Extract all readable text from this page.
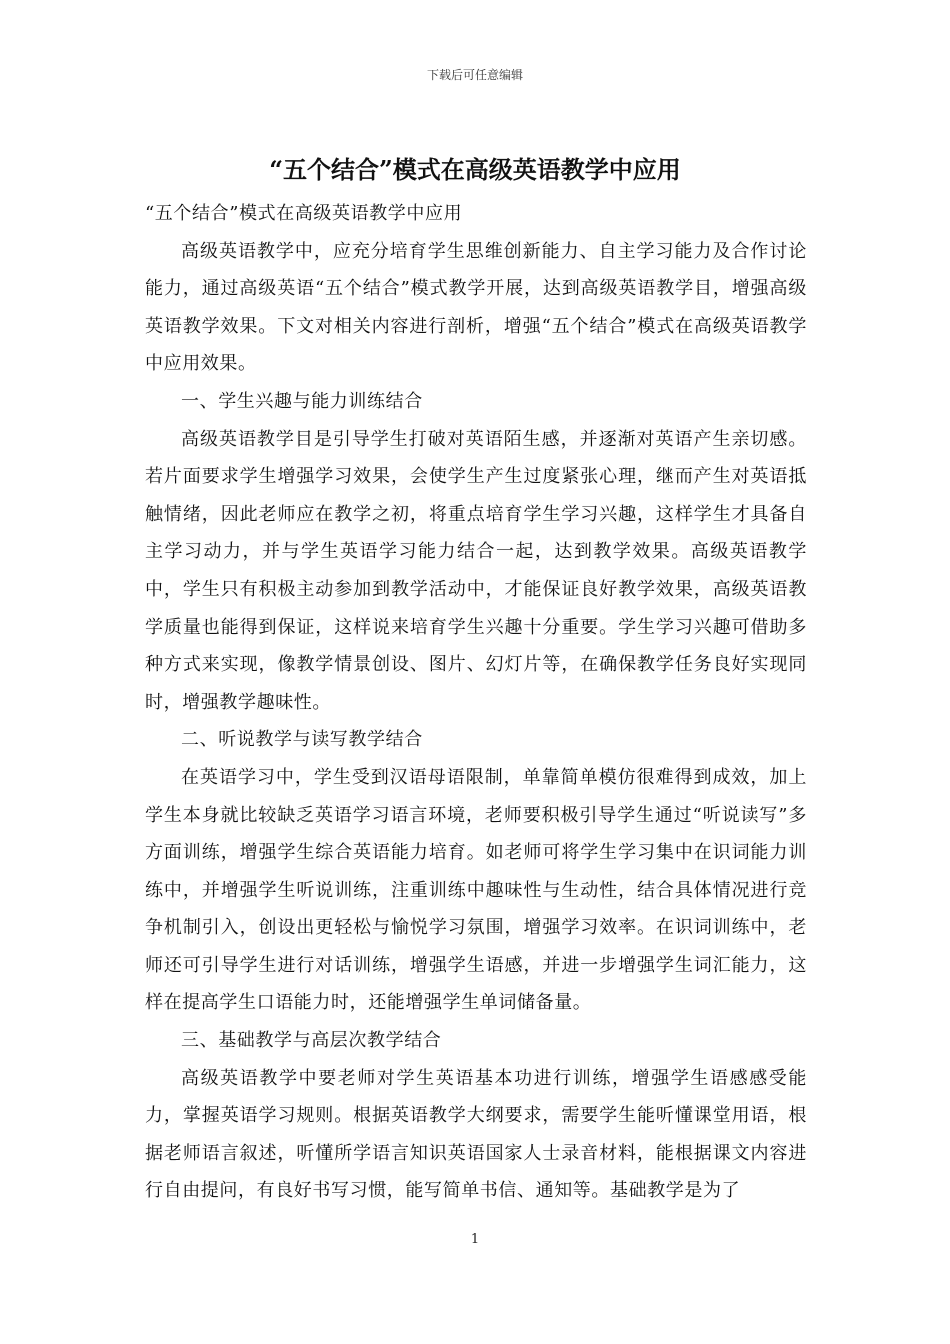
下载后可任意编辑
“五个结合”模式在高级英语教学中应用

“五个结合”模式在高级英语教学中应用

高级英语教学中，应充分培育学生思维创新能力、自主学习能力及合作讨论能力，通过高级英语“五个结合”模式教学开展，达到高级英语教学目，增强高级英语教学效果。下文对相关内容进行剖析，增强“五个结合”模式在高级英语教学中应用效果。

一、学生兴趣与能力训练结合

高级英语教学目是引导学生打破对英语陌生感，并逐渐对英语产生亲切感。若片面要求学生增强学习效果，会使学生产生过度紧张心理，继而产生对英语抵触情绪，因此老师应在教学之初，将重点培育学生学习兴趣，这样学生才具备自主学习动力，并与学生英语学习能力结合一起，达到教学效果。高级英语教学中，学生只有积极主动参加到教学活动中，才能保证良好教学效果，高级英语教学质量也能得到保证，这样说来培育学生兴趣十分重要。学生学习兴趣可借助多种方式来实现，像教学情景创设、图片、幻灯片等，在确保教学任务良好实现同时，增强教学趣味性。

二、听说教学与读写教学结合

在英语学习中，学生受到汉语母语限制，单靠简单模仿很难得到成效，加上学生本身就比较缺乏英语学习语言环境，老师要积极引导学生通过“听说读写”多方面训练，增强学生综合英语能力培育。如老师可将学生学习集中在识词能力训练中，并增强学生听说训练，注重训练中趣味性与生动性，结合具体情况进行竞争机制引入，创设出更轻松与愉悦学习氛围，增强学习效率。在识词训练中，老师还可引导学生进行对话训练，增强学生语感，并进一步增强学生词汇能力，这样在提高学生口语能力时，还能增强学生单词储备量。

三、基础教学与高层次教学结合

高级英语教学中要老师对学生英语基本功进行训练，增强学生语感感受能力，掌握英语学习规则。根据英语教学大纲要求，需要学生能听懂课堂用语，根据老师语言叙述，听懂所学语言知识英语国家人士录音材料，能根据课文内容进行自由提问，有良好书写习惯，能写简单书信、通知等。基础教学是为了

1
